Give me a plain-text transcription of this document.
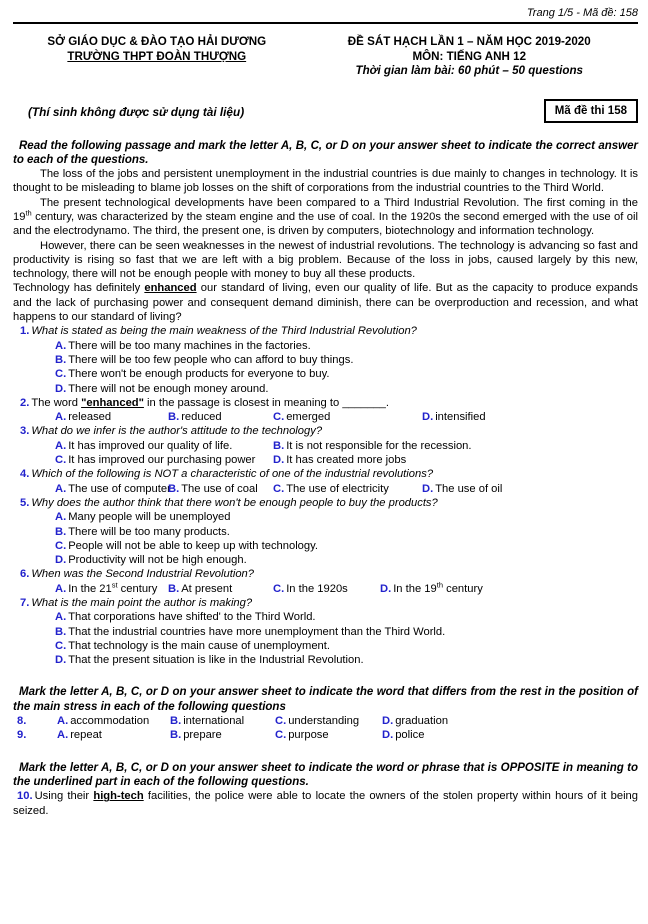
Trang 1/5 - Mã đề: 158
SỞ GIÁO DỤC & ĐÀO TẠO HẢI DƯƠNG
TRƯỜNG THPT ĐOÀN THƯỢNG
ĐỀ SÁT HẠCH LẦN 1 – NĂM HỌC 2019-2020
MÔN: TIẾNG ANH 12
Thời gian làm bài: 60 phút – 50 questions
(Thí sinh không được sử dụng tài liệu)	Mã đề thi 158

Read the following passage and mark the letter A, B, C, or D on your answer sheet to indicate the correct answer to each of the questions.

The loss of the jobs and persistent unemployment in the industrial countries is due mainly to changes in technology. It is thought to be misleading to blame job losses on the shift of corporations from the industrial countries to the Third World.

The present technological developments have been compared to a Third Industrial Revolution. The first coming in the 19th century, was characterized by the steam engine and the use of coal. In the 1920s the second emerged with the use of oil and the electrodynamo. The third, the present one, is driven by computers, biotechnology and information technology.

However, there can be seen weaknesses in the newest of industrial revolutions. The technology is advancing so fast and productivity is rising so fast that we are left with a big problem. Because of the loss in jobs, caused largely by this new, technology, there will not be enough people with money to buy all these products.

Technology has definitely enhanced our standard of living, even our quality of life. But as the capacity to produce expands and the lack of purchasing power and consequent demand diminish, there can be overproduction and recession, and what happens to our standard of living?

1. What is stated as being the main weakness of the Third Industrial Revolution?

A. There will be too many machines in the factories.
B. There will be too few people who can afford to buy things.
C. There won't be enough products for everyone to buy.
D. There will not be enough money around.

2. The word "enhanced" in the passage is closest in meaning to _______.

A. released	B. reduced	C. emerged	D. intensified

3. What do we infer is the author's attitude to the technology?

A. It has improved our quality of life.	B. It is not responsible for the recession.
C. It has improved our purchasing power	D. It has created more jobs

4. Which of the following is NOT a characteristic of one of the industrial revolutions?

A. The use of computer
B. The use of coal	C. The use of electricity	D. The use of oil

5. Why does the author think that there won't be enough people to buy the products?

A. Many people will be unemployed
B. There will be too many products.
C. People will not be able to keep up with technology.
D. Productivity will not be high enough.

6. When was the Second Industrial Revolution?

A. In the 21st century B. At present	C. In the 1920s	D. In the 19th century

7. What is the main point the author is making?

A. That corporations have shifted' to the Third World.
B. That the industrial countries have more unemployment than the Third World.
C. That technology is the main cause of unemployment.
D. That the present situation is like in the Industrial Revolution.

Mark the letter A, B, C, or D on your answer sheet to indicate the word that differs from the rest in the position of the main stress in each of the following questions

8.	A. accommodation	B. international	C. understanding	D. graduation
9.	A. repeat	B. prepare	C. purpose	D. police

Mark the letter A, B, C, or D on your answer sheet to indicate the word or phrase that is OPPOSITE in meaning to the underlined part in each of the following questions.

10. Using their high-tech facilities, the police were able to locate the owners of the stolen property within hours of it being seized.
